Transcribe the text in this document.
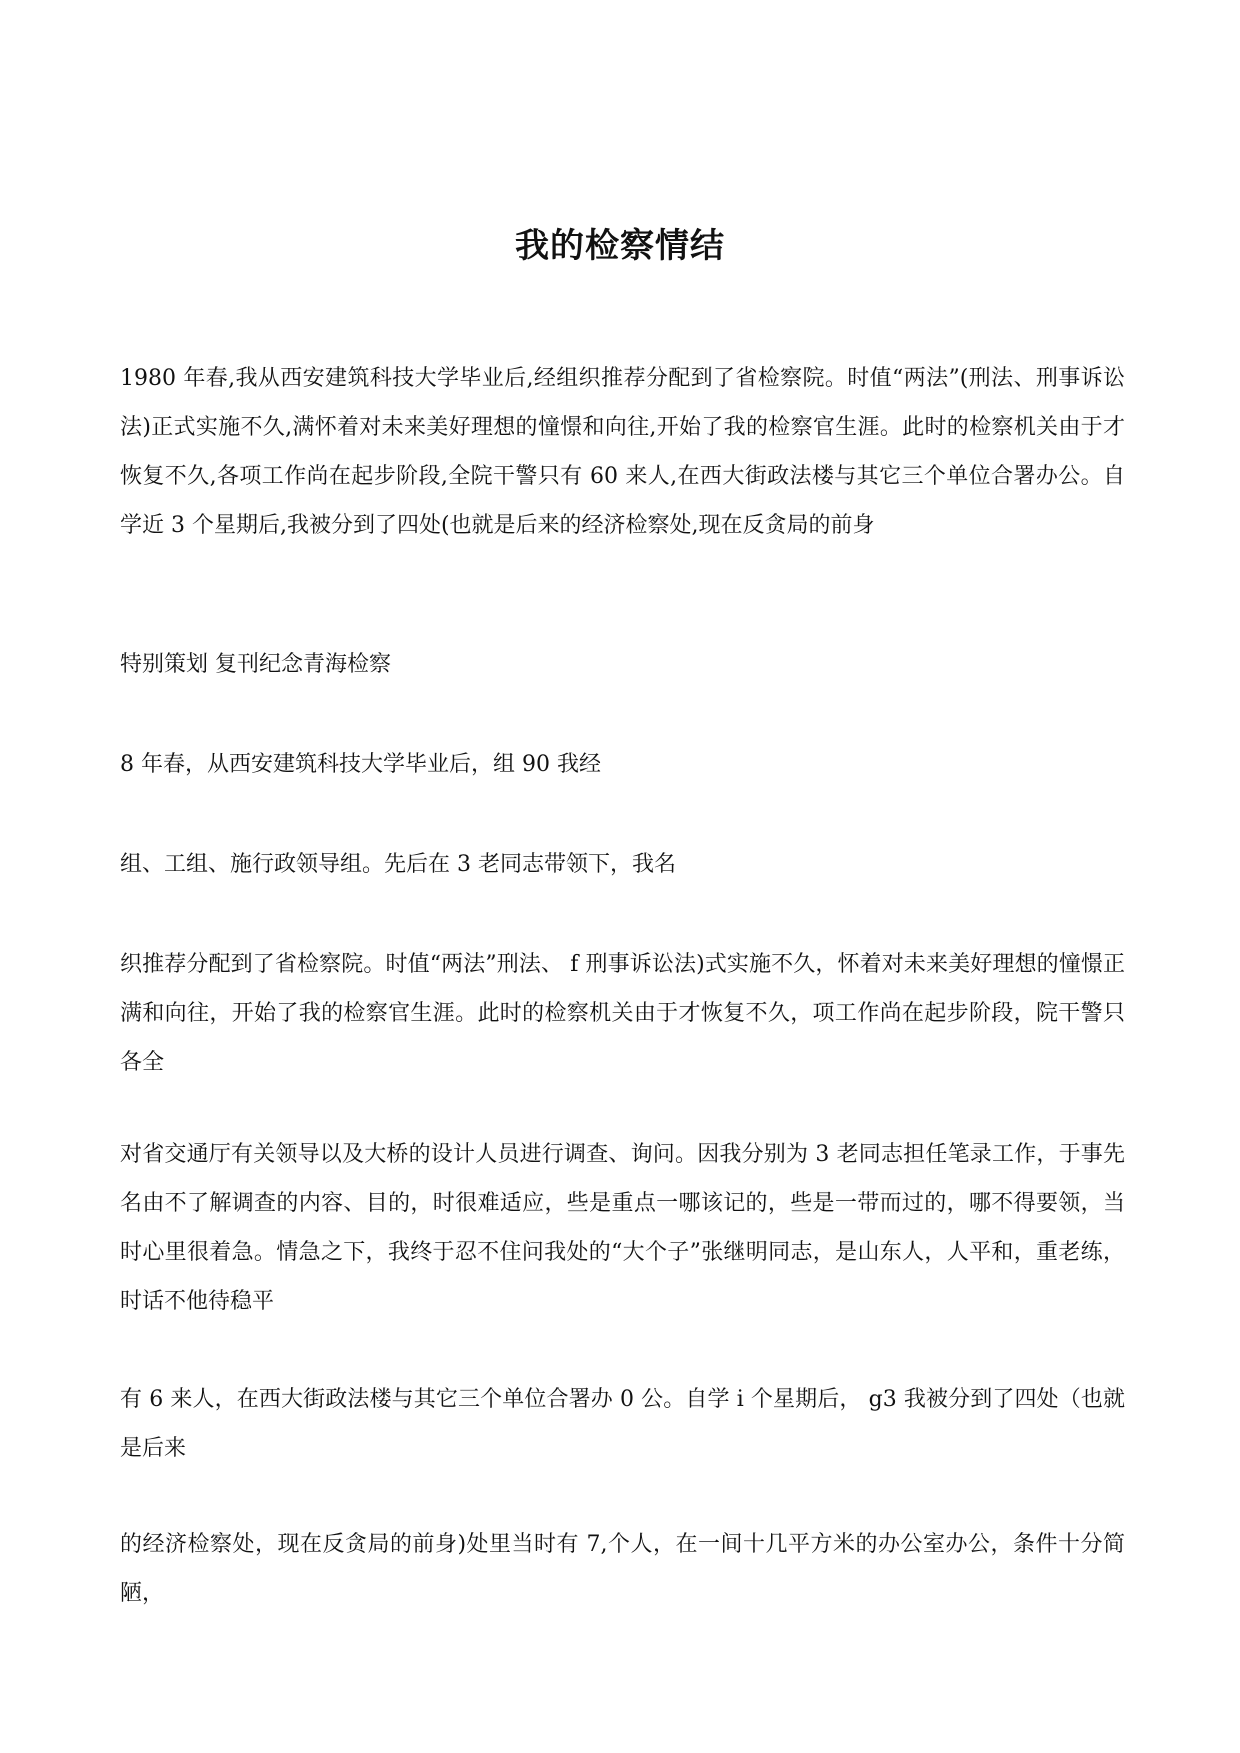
我的检察情结

1980 年春,我从西安建筑科技大学毕业后,经组织推荐分配到了省检察院。时值“两法”(刑法、刑事诉讼法)正式实施不久,满怀着对未来美好理想的憧憬和向往,开始了我的检察官生涯。此时的检察机关由于才恢复不久,各项工作尚在起步阶段,全院干警只有 60 来人,在西大街政法楼与其它三个单位合署办公。自学近 3 个星期后,我被分到了四处(也就是后来的经济检察处,现在反贪局的前身

特别策划 复刊纪念青海检察

8 年春，从西安建筑科技大学毕业后，组 90 我经

组、工组、施行政领导组。先后在 3 老同志带领下，我名

织推荐分配到了省检察院。时值“两法”刑法、 f 刑事诉讼法)式实施不久，怀着对未来美好理想的憧憬正满和向往，开始了我的检察官生涯。此时的检察机关由于才恢复不久，项工作尚在起步阶段，院干警只各全

对省交通厅有关领导以及大桥的设计人员进行调查、询问。因我分别为 3 老同志担任笔录工作，于事先名由不了解调查的内容、目的，时很难适应，些是重点一哪该记的，些是一带而过的，哪不得要领，当时心里很着急。情急之下，我终于忍不住问我处的“大个子”张继明同志，是山东人，人平和，重老练，时话不他待稳平

有 6 来人，在西大街政法楼与其它三个单位合署办 0 公。自学 i 个星期后， g3 我被分到了四处（也就是后来

的经济检察处，现在反贪局的前身)处里当时有 7,个人，在一间十几平方米的办公室办公，条件十分简陋，
